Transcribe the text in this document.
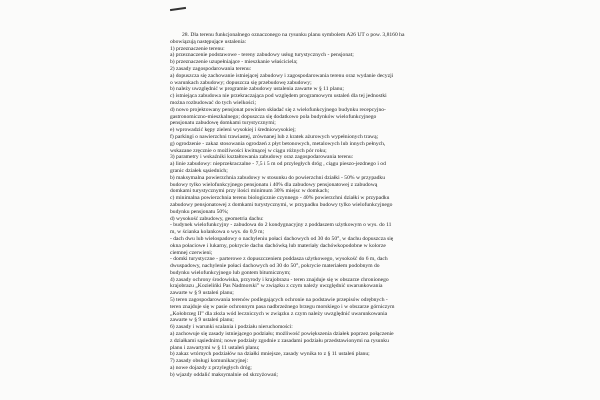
28. Dla terenu funkcjonalnego oznaczonego na rysunku planu symbolem A26 UT o pow. 3,8160 ha
obowiązują następujące ustalenia:
1) przeznaczenie terenu:
a) przeznaczenie podstawowe - tereny zabudowy usług turystycznych - pensjonat;
b) przeznaczenie uzupełniające - mieszkanie właściciela;
2) zasady zagospodarowania terenu:
a) dopuszcza się zachowanie istniejącej zabudowy i zagospodarowania terenu oraz wydanie decyzji
o warunkach zabudowy; dopuszcza się przebudowę zabudowy;
b) należy uwzględnić w programie zabudowy ustalenia zawarte w § 11 planu;
c) istniejąca zabudowa nie przekraczająca pod względem programowym ustaleń dla tej jednostki
można rozbudować do tych wielkości;
d) nowo projektowany pensjonat powinien składać się z wielofunkcyjnego budynku recepcyjno-
gastronomiczno-mieszkalnego; dopuszcza się dodatkowo pola budynków wielofunkcyjnego
pensjonatu zabudowę domkami turystycznymi;
e) wprowadzić kępy zieleni wysokiej i średniowysokiej;
f) parkingi o nawierzchni trawiastej, zrównanej lub z kratek ażurowych wypełnionych trawą;
g) ogrodzenie - zakaz stosowania ogrodzeń z płyt betonowych, metalowych lub innych pełnych,
wskazane zręcznie o możliwości kwitnącej w ciągu różnych pór roku;
3) parametry i wskaźniki kształtowania zabudowy oraz zagospodarowania terenu:
a) linie zabudowy: nieprzekraczalne - 7,5 i 5 m od przyległych dróg , ciągu pieszo-jezdnego i od
granic działek sąsiednich;
b) maksymalna powierzchnia zabudowy w stosunku do powierzchni działki - 50% w przypadku
budowy tylko wielofunkcyjnego pensjonatu i 40% dla zabudowy pensjonatowej z zabudową
domkami turystycznymi przy ilości minimum 30% miejsc w domkach;
c) minimalna powierzchnia terenu biologicznie czynnego - 40% powierzchni działki w przypadku
zabudowy pensjonatowej z domkami turystycznymi, w przypadku budowy tylko wielofunkcyjnego
budynku pensjonatu 50%;
d) wysokość zabudowy, geometria dachu:
- budynek wielofunkcyjny - zabudowa do 2 kondygnacyjny z poddaszem użytkowym o wys. do 11
m, w ścianka kolankowa o wys. do 0,9 m;
- dach dwu lub wielospadowy o nachyleniu połaci dachowych od 30 do 50°, w dachu dopuszcza się
okna połaciowe i lukarny, pokrycie dachu dachówką lub materiały dachówkopodobne w kolorze
ciemnej czerwieni;
- domki turystyczne - parterowe z dopuszczeniem poddasza użytkowego, wysokość do 6 m, dach
dwuspadowy, nachylenie połaci dachowych od 30 do 50°, pokrycie materiałem podobnym do
budynku wielofunkcyjnego lub gontem bitumicznym;
4) zasady ochrony środowiska, przyrody i krajobrazu - teren znajduje się w obszarze chronionego
krajobrazu „Kozielińki Pas Nadmorski” w związku z czym należy uwzględnić uwarunkowania
zawarte w § 9 ustaleń planu;
5) teren zagospodarowania terenów podlegających ochronie na podstawie przepisów odrębnych -
teren znajduje się w pasie ochronnym pasa nadbrzeżnego brzegu morskiego i w obszarze górniczym
„Kołobrzeg II” dla złoża wód leczniczych w związku z czym należy uwzględnić uwarunkowania
zawarte w § 9 ustaleń planu;
6) zasady i warunki scalania i podziału nieruchomości:
a) zachowuje się zasady istniejącego podziału; możliwość powiększenia działek poprzez połączenie
z działkami sąsiednimi; nowe podziały zgodnie z zasadami podziału przedstawionymi na rysunku
planu i zawartymi w § 11 ustaleń planu;
b) zakaz wtórnych podziałów na działki mniejsze, zasady wynika to z § 11 ustaleń planu;
7) zasady obsługi komunikacyjnej:
a) nowe dojazdy z przyległych dróg;
b) wjazdy oddalić maksymalnie od skrzyżowań;
